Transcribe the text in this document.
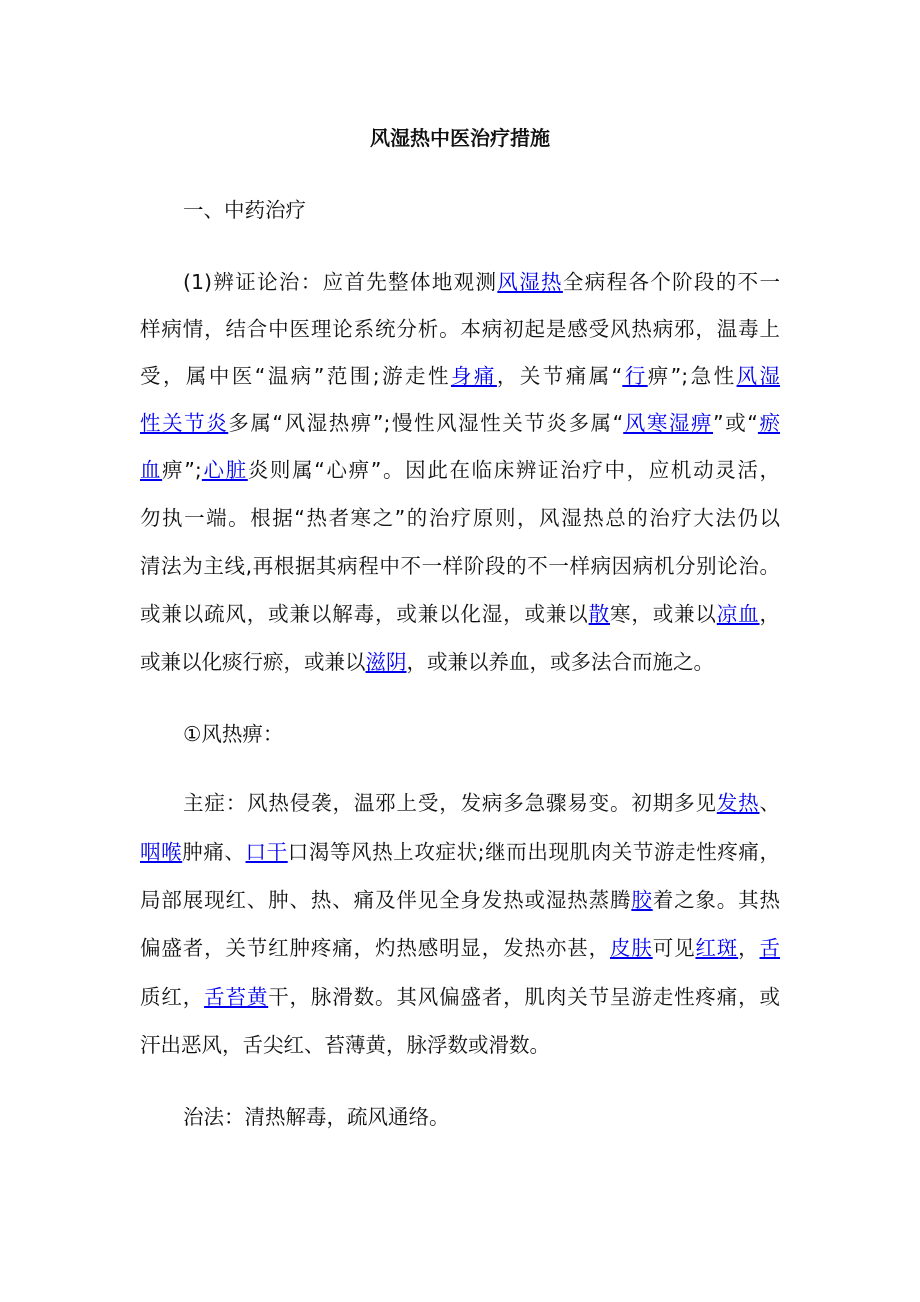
风湿热中医治疗措施
一、中药治疗
(1)辨证论治：应首先整体地观测风湿热全病程各个阶段的不一
样病情，结合中医理论系统分析。本病初起是感受风热病邪，温毒上
受，属中医“温病”范围;游走性身痛，关节痛属“行痹”;急性风湿
性关节炎多属“风湿热痹”;慢性风湿性关节炎多属“风寒湿痹”或“瘀
血痹”;心脏炎则属“心痹”。因此在临床辨证治疗中，应机动灵活，
勿执一端。根据“热者寒之”的治疗原则，风湿热总的治疗大法仍以
清法为主线,再根据其病程中不一样阶段的不一样病因病机分别论治。
或兼以疏风，或兼以解毒，或兼以化湿，或兼以散寒，或兼以凉血，
或兼以化痰行瘀，或兼以滋阴，或兼以养血，或多法合而施之。
①风热痹：
主症：风热侵袭，温邪上受，发病多急骤易变。初期多见发热、
咽喉肿痛、口干口渴等风热上攻症状;继而出现肌肉关节游走性疼痛，
局部展现红、肿、热、痛及伴见全身发热或湿热蒸腾胶着之象。其热
偏盛者，关节红肿疼痛，灼热感明显，发热亦甚，皮肤可见红斑，舌
质红，舌苔黄干，脉滑数。其风偏盛者，肌肉关节呈游走性疼痛，或
汗出恶风，舌尖红、苔薄黄，脉浮数或滑数。
治法：清热解毒，疏风通络。
